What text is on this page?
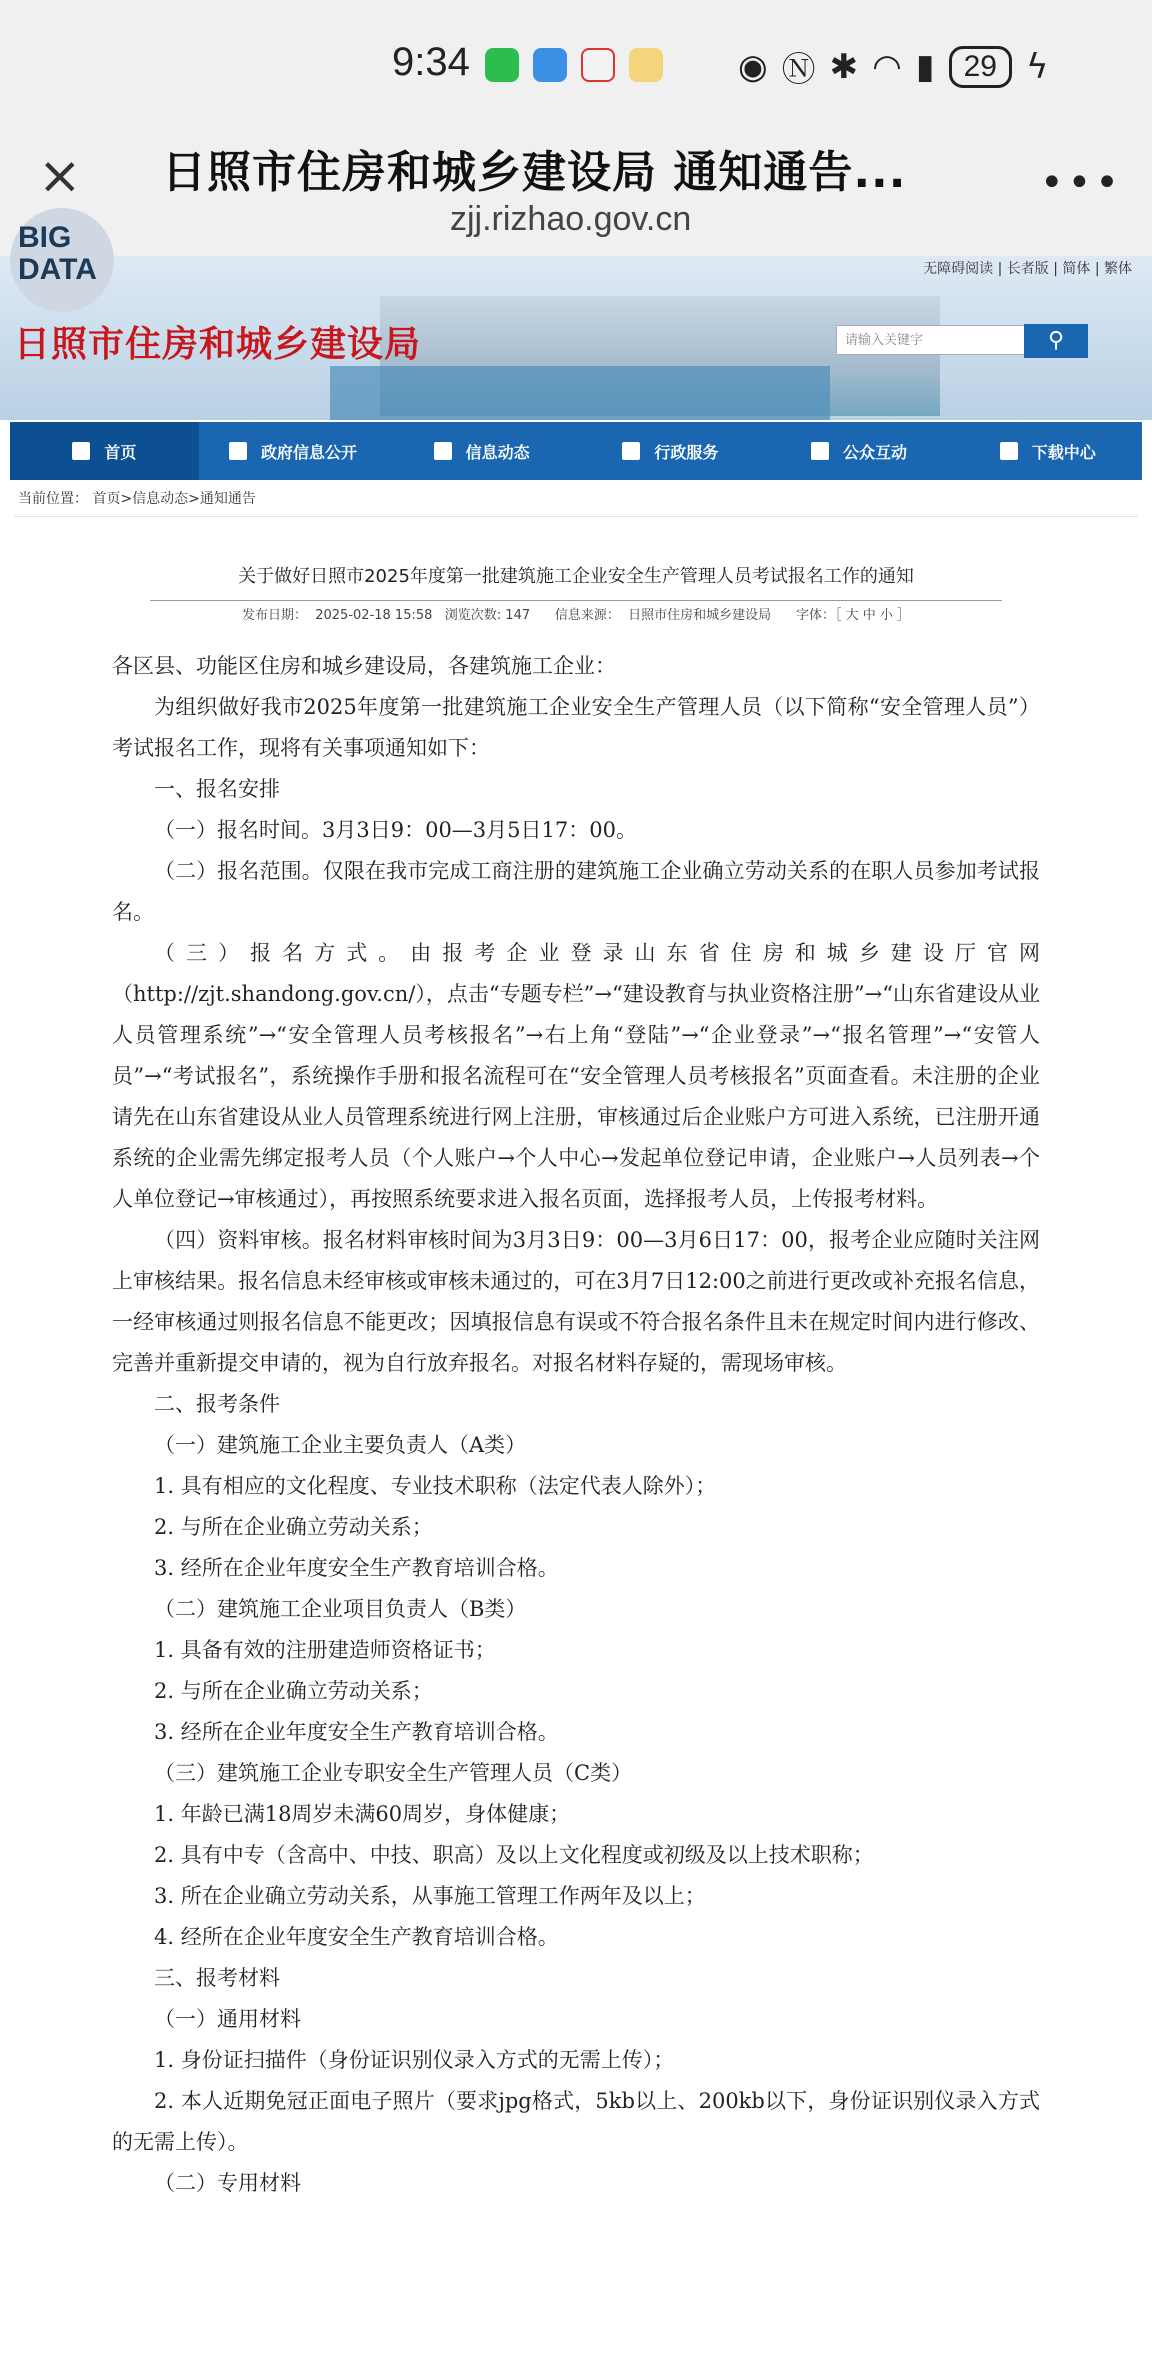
9:34	◉ Ⓝ ✱ ◠ ▮ 29 ϟ
× 日照市住房和城乡建设局 通知通告...
zjj.rizhao.gov.cn
•••
BIG DATA
日照市住房和城乡建设局
无障碍阅读 | 长者版 | 简体 | 繁体
请输入关键字	⚲
首页	政府信息公开	信息动态	行政服务	公众互动	下载中心
当前位置： 首页>信息动态>通知通告
关于做好日照市2025年度第一批建筑施工企业安全生产管理人员考试报名工作的通知
发布日期：  2025-02-18 15:58   浏览次数: 147      信息来源：  日照市住房和城乡建设局      字体：［ 大 中 小 ］

各区县、功能区住房和城乡建设局，各建筑施工企业：

为组织做好我市2025年度第一批建筑施工企业安全生产管理人员（以下简称“安全管理人员”）考试报名工作，现将有关事项通知如下：

一、报名安排

（一）报名时间。3月3日9：00—3月5日17：00。

（二）报名范围。仅限在我市完成工商注册的建筑施工企业确立劳动关系的在职人员参加考试报名。

（三）报名方式。由报考企业登录山东省住房和城乡建设厅官网（http://zjt.shandong.gov.cn/），点击“专题专栏”→“建设教育与执业资格注册”→“山东省建设从业人员管理系统”→“安全管理人员考核报名”→右上角“登陆”→“企业登录”→“报名管理”→“安管人员”→“考试报名”，系统操作手册和报名流程可在“安全管理人员考核报名”页面查看。未注册的企业请先在山东省建设从业人员管理系统进行网上注册，审核通过后企业账户方可进入系统，已注册开通系统的企业需先绑定报考人员（个人账户→个人中心→发起单位登记申请，企业账户→人员列表→个人单位登记→审核通过），再按照系统要求进入报名页面，选择报考人员，上传报考材料。

（四）资料审核。报名材料审核时间为3月3日9：00—3月6日17：00，报考企业应随时关注网上审核结果。报名信息未经审核或审核未通过的，可在3月7日12:00之前进行更改或补充报名信息，一经审核通过则报名信息不能更改；因填报信息有误或不符合报名条件且未在规定时间内进行修改、完善并重新提交申请的，视为自行放弃报名。对报名材料存疑的，需现场审核。

二、报考条件

（一）建筑施工企业主要负责人（A类）

1. 具有相应的文化程度、专业技术职称（法定代表人除外）；

2. 与所在企业确立劳动关系；

3. 经所在企业年度安全生产教育培训合格。

（二）建筑施工企业项目负责人（B类）

1. 具备有效的注册建造师资格证书；

2. 与所在企业确立劳动关系；

3. 经所在企业年度安全生产教育培训合格。

（三）建筑施工企业专职安全生产管理人员（C类）

1. 年龄已满18周岁未满60周岁，身体健康；

2. 具有中专（含高中、中技、职高）及以上文化程度或初级及以上技术职称；

3. 所在企业确立劳动关系，从事施工管理工作两年及以上；

4. 经所在企业年度安全生产教育培训合格。

三、报考材料

（一）通用材料

1. 身份证扫描件（身份证识别仪录入方式的无需上传）；

2. 本人近期免冠正面电子照片（要求jpg格式，5kb以上、200kb以下，身份证识别仪录入方式的无需上传）。

（二）专用材料
